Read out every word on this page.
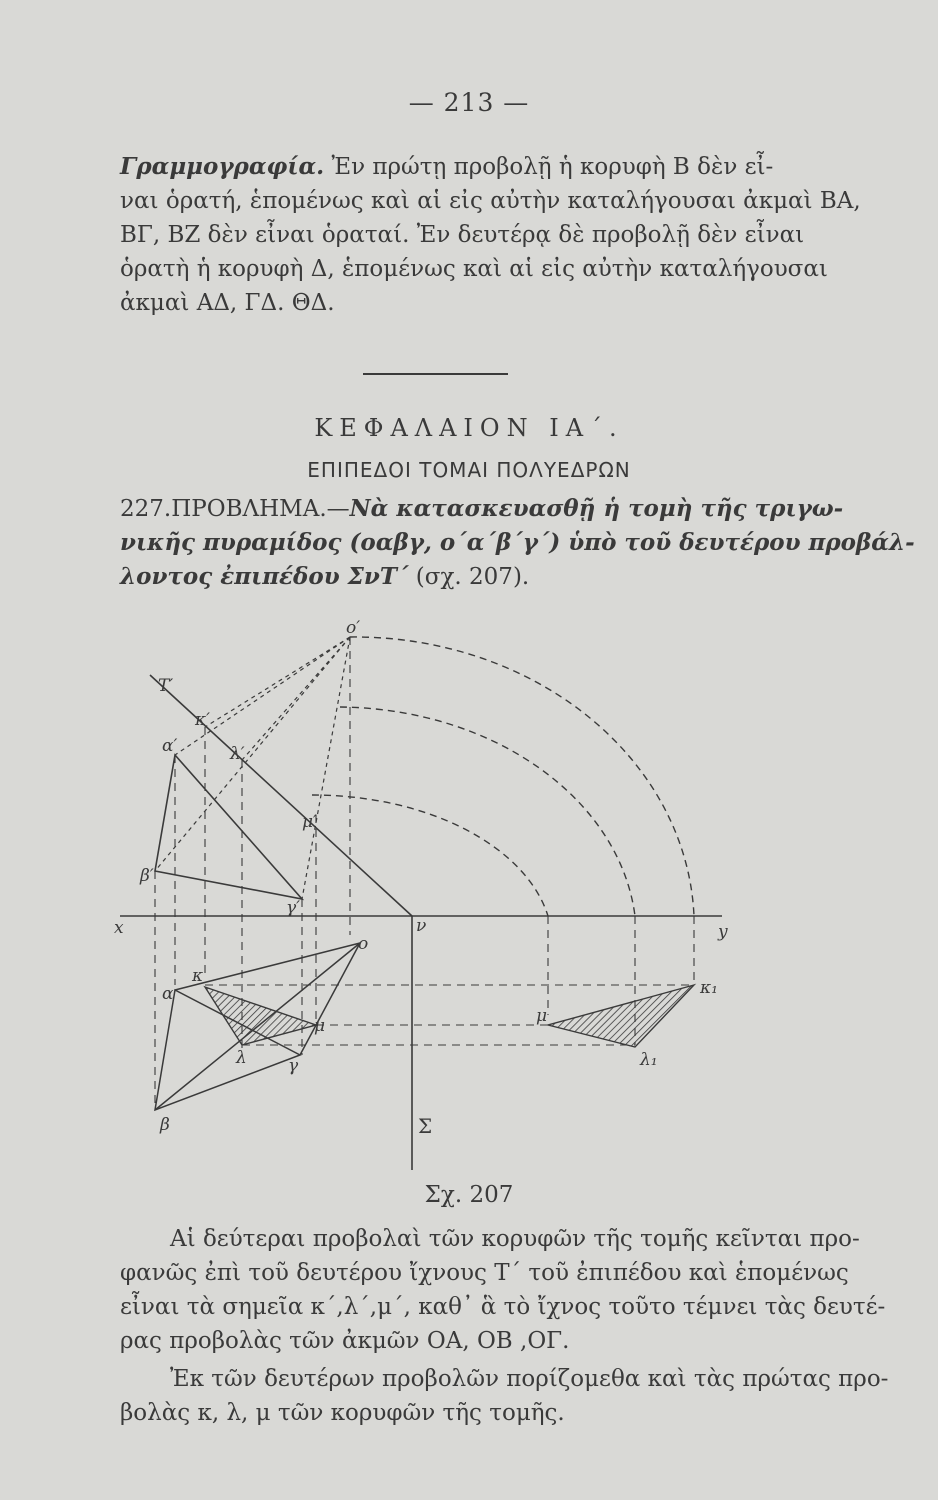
— 213 —
Γραμμογραφία. Ἐν πρώτῃ προβολῇ ἡ κορυφὴ Β δὲν εἶ-
ναι ὁρατή, ἑπομένως καὶ αἱ εἰς αὐτὴν καταλήγουσαι ἀκμαὶ ΒΑ,
ΒΓ, ΒΖ δὲν εἶναι ὁραταί. Ἐν δευτέρᾳ δὲ προβολῇ δὲν εἶναι
ὁρατὴ ἡ κορυφὴ Δ, ἑπομένως καὶ αἱ εἰς αὐτὴν καταλήγουσαι
ἀκμαὶ ΑΔ, ΓΔ. ΘΔ.
ΚΕΦΑΛΑΙΟΝ ΙΑ΄.
ΕΠΙΠΕΔΟΙ ΤΟΜΑΙ ΠΟΛΥΕΔΡΩΝ
227.ΠΡΟΒΛΗΜΑ.—Νὰ κατασκευασθῇ ἡ τομὴ τῆς τριγω-
νικῆς πυραμίδος (οαβγ, ο΄α΄β΄γ΄) ὑπὸ τοῦ δευτέρου προβάλ-
λοντος ἐπιπέδου ΣνΤ΄ (σχ. 207).
o′
T′
κ′
α′	λ′
μ′
β′
γ′
x	ν	y
o
κ
α
μ
λ γ
β	Σ
μ
κ₁
λ₁
Σχ. 207
Αἱ δεύτεραι προβολαὶ τῶν κορυφῶν τῆς τομῆς κεῖνται προ-
φανῶς ἐπὶ τοῦ δευτέρου ἴχνους Τ΄ τοῦ ἐπιπέδου καὶ ἑπομένως
εἶναι τὰ σημεῖα κ΄,λ΄,μ΄, καθ᾽ ἃ τὸ ἴχνος τοῦτο τέμνει τὰς δευτέ-
ρας προβολὰς τῶν ἀκμῶν ΟΑ, ΟΒ ,ΟΓ.
Ἐκ τῶν δευτέρων προβολῶν πορίζομεθα καὶ τὰς πρώτας προ-
βολὰς κ, λ, μ τῶν κορυφῶν τῆς τομῆς.
